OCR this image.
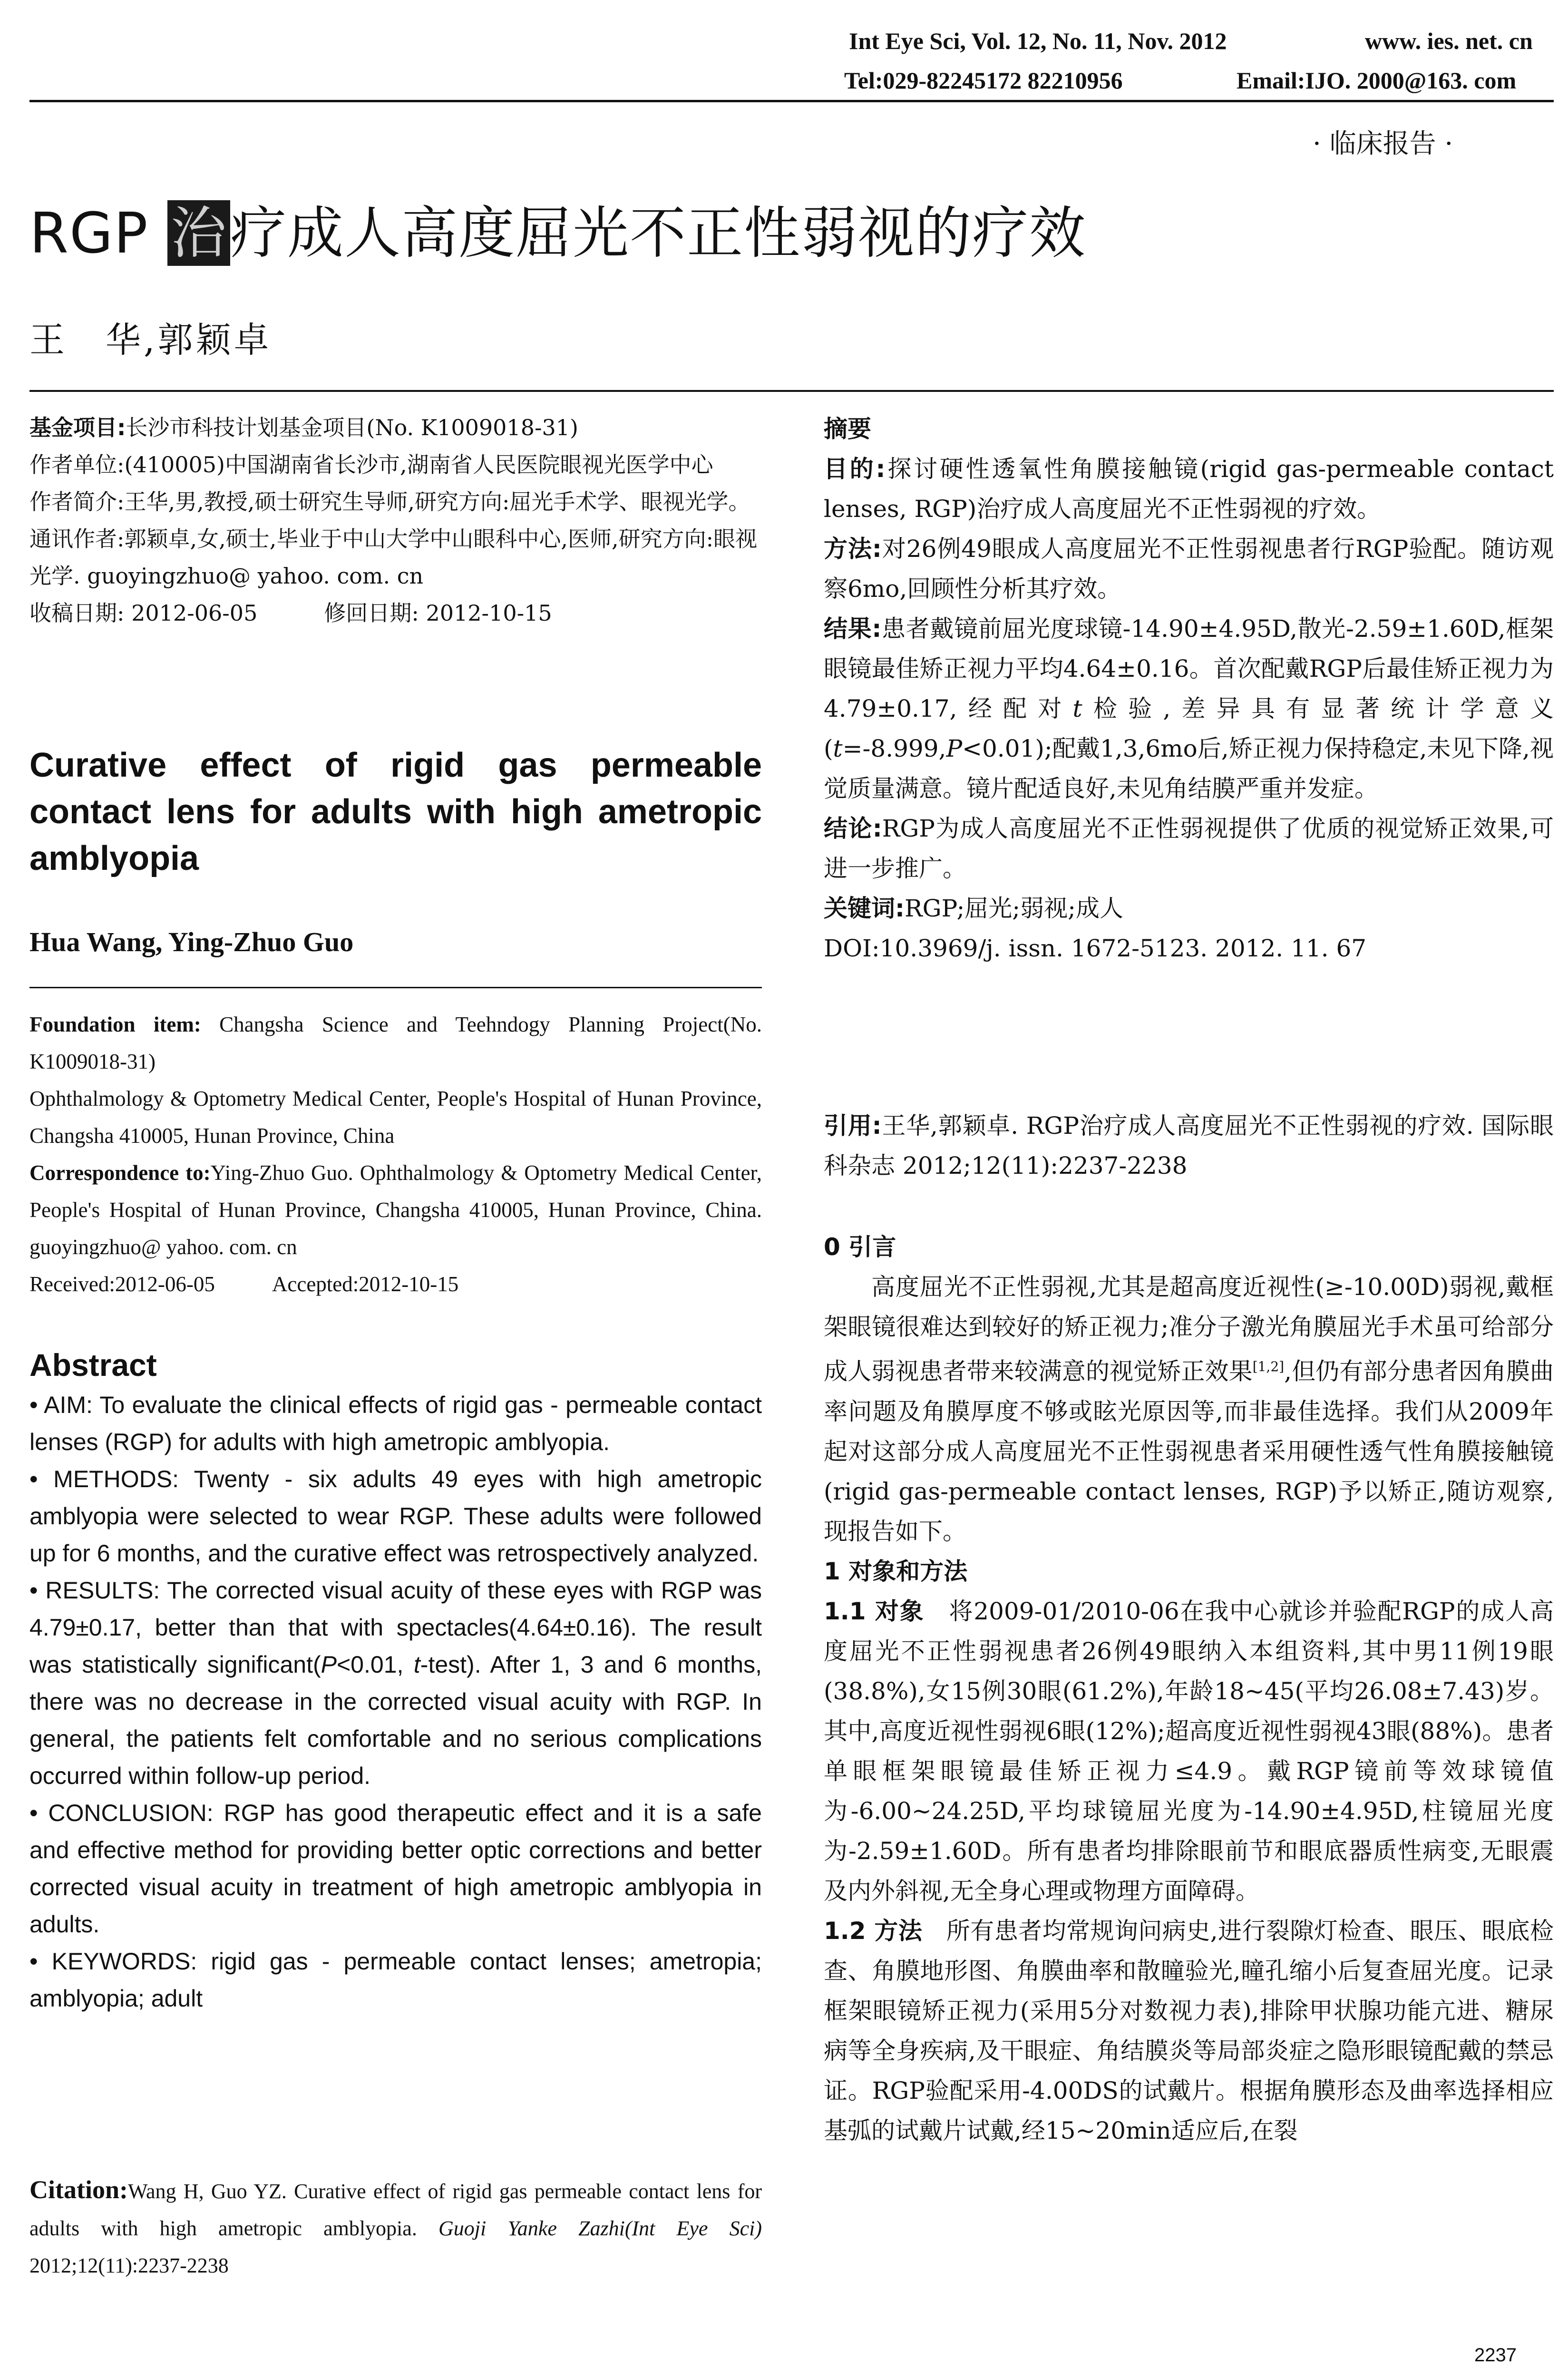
Int Eye Sci, Vol. 12, No. 11, Nov. 2012	www. ies. net. cn
Tel:029-82245172 82210956	Email:IJO. 2000@163. com
· 临床报告 ·
RGP 治疗成人高度屈光不正性弱视的疗效
王　华,郭颖卓

基金项目:长沙市科技计划基金项目(No. K1009018-31)

作者单位:(410005)中国湖南省长沙市,湖南省人民医院眼视光医学中心

作者简介:王华,男,教授,硕士研究生导师,研究方向:屈光手术学、眼视光学。

通讯作者:郭颖卓,女,硕士,毕业于中山大学中山眼科中心,医师,研究方向:眼视光学. guoyingzhuo@ yahoo. com. cn

收稿日期: 2012-06-05	修回日期: 2012-10-15

Curative effect of rigid gas permeable contact lens for adults with high ametropic amblyopia
Hua Wang, Ying-Zhuo Guo

Foundation item: Changsha Science and Teehndogy Planning Project(No. K1009018-31)

Ophthalmology & Optometry Medical Center, People's Hospital of Hunan Province, Changsha 410005, Hunan Province, China

Correspondence to:Ying-Zhuo Guo. Ophthalmology & Optometry Medical Center, People's Hospital of Hunan Province, Changsha 410005, Hunan Province, China. guoyingzhuo@ yahoo. com. cn

Received:2012-06-05	Accepted:2012-10-15

Abstract

• AIM: To evaluate the clinical effects of rigid gas - permeable contact lenses (RGP) for adults with high ametropic amblyopia.

• METHODS: Twenty - six adults 49 eyes with high ametropic amblyopia were selected to wear RGP. These adults were followed up for 6 months, and the curative effect was retrospectively analyzed.

• RESULTS: The corrected visual acuity of these eyes with RGP was 4.79±0.17, better than that with spectacles(4.64±0.16). The result was statistically significant(P<0.01, t-test). After 1, 3 and 6 months, there was no decrease in the corrected visual acuity with RGP. In general, the patients felt comfortable and no serious complications occurred within follow-up period.

• CONCLUSION: RGP has good therapeutic effect and it is a safe and effective method for providing better optic corrections and better corrected visual acuity in treatment of high ametropic amblyopia in adults.

• KEYWORDS: rigid gas - permeable contact lenses; ametropia; amblyopia; adult

Citation:Wang H, Guo YZ. Curative effect of rigid gas permeable contact lens for adults with high ametropic amblyopia. Guoji Yanke Zazhi(Int Eye Sci) 2012;12(11):2237-2238

摘要

目的:探讨硬性透氧性角膜接触镜(rigid gas-permeable contact lenses, RGP)治疗成人高度屈光不正性弱视的疗效。

方法:对26例49眼成人高度屈光不正性弱视患者行RGP验配。随访观察6mo,回顾性分析其疗效。

结果:患者戴镜前屈光度球镜-14.90±4.95D,散光-2.59±1.60D,框架眼镜最佳矫正视力平均4.64±0.16。首次配戴RGP后最佳矫正视力为4.79±0.17,经配对t检验,差异具有显著统计学意义(t=-8.999,P<0.01);配戴1,3,6mo后,矫正视力保持稳定,未见下降,视觉质量满意。镜片配适良好,未见角结膜严重并发症。

结论:RGP为成人高度屈光不正性弱视提供了优质的视觉矫正效果,可进一步推广。

关键词:RGP;屈光;弱视;成人

DOI:10.3969/j. issn. 1672-5123. 2012. 11. 67

引用:王华,郭颖卓. RGP治疗成人高度屈光不正性弱视的疗效. 国际眼科杂志 2012;12(11):2237-2238

0 引言

高度屈光不正性弱视,尤其是超高度近视性(≥-10.00D)弱视,戴框架眼镜很难达到较好的矫正视力;准分子激光角膜屈光手术虽可给部分成人弱视患者带来较满意的视觉矫正效果[1,2],但仍有部分患者因角膜曲率问题及角膜厚度不够或眩光原因等,而非最佳选择。我们从2009年起对这部分成人高度屈光不正性弱视患者采用硬性透气性角膜接触镜(rigid gas-permeable contact lenses, RGP)予以矫正,随访观察,现报告如下。

1 对象和方法

1.1 对象　将2009-01/2010-06在我中心就诊并验配RGP的成人高度屈光不正性弱视患者26例49眼纳入本组资料,其中男11例19眼(38.8%),女15例30眼(61.2%),年龄18~45(平均26.08±7.43)岁。其中,高度近视性弱视6眼(12%);超高度近视性弱视43眼(88%)。患者单眼框架眼镜最佳矫正视力≤4.9。戴RGP镜前等效球镜值为-6.00~24.25D,平均球镜屈光度为-14.90±4.95D,柱镜屈光度为-2.59±1.60D。所有患者均排除眼前节和眼底器质性病变,无眼震及内外斜视,无全身心理或物理方面障碍。

1.2 方法　所有患者均常规询问病史,进行裂隙灯检查、眼压、眼底检查、角膜地形图、角膜曲率和散瞳验光,瞳孔缩小后复查屈光度。记录框架眼镜矫正视力(采用5分对数视力表),排除甲状腺功能亢进、糖尿病等全身疾病,及干眼症、角结膜炎等局部炎症之隐形眼镜配戴的禁忌证。RGP验配采用-4.00DS的试戴片。根据角膜形态及曲率选择相应基弧的试戴片试戴,经15~20min适应后,在裂

2237
